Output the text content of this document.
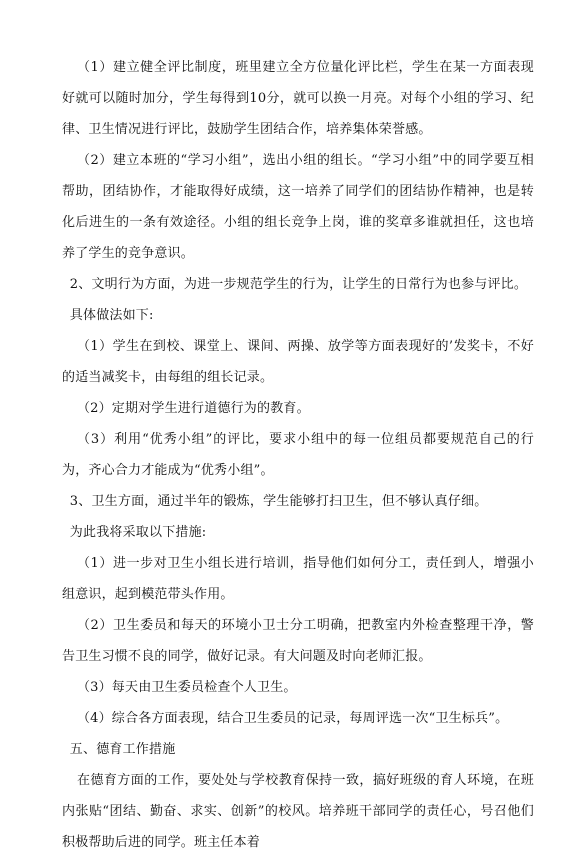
（1）建立健全评比制度，班里建立全方位量化评比栏，学生在某一方面表现好就可以随时加分，学生每得到10分，就可以换一月亮。对每个小组的学习、纪律、卫生情况进行评比，鼓励学生团结合作，培养集体荣誉感。

（2）建立本班的“学习小组”，选出小组的组长。“学习小组”中的同学要互相帮助，团结协作，才能取得好成绩，这一培养了同学们的团结协作精神，也是转化后进生的一条有效途径。小组的组长竞争上岗，谁的奖章多谁就担任，这也培养了学生的竞争意识。

2、文明行为方面，为进一步规范学生的行为，让学生的日常行为也参与评比。

具体做法如下:

（1）学生在到校、课堂上、课间、两操、放学等方面表现好的’发奖卡，不好的适当减奖卡，由每组的组长记录。

（2）定期对学生进行道德行为的教育。

（3）利用“优秀小组”的评比，要求小组中的每一位组员都要规范自己的行为，齐心合力才能成为“优秀小组”。

3、卫生方面，通过半年的锻炼，学生能够打扫卫生，但不够认真仔细。

为此我将采取以下措施:

（1）进一步对卫生小组长进行培训，指导他们如何分工，责任到人，增强小组意识，起到模范带头作用。

（2）卫生委员和每天的环境小卫士分工明确，把教室内外检查整理干净，警告卫生习惯不良的同学，做好记录。有大问题及时向老师汇报。

（3）每天由卫生委员检查个人卫生。

（4）综合各方面表现，结合卫生委员的记录，每周评选一次“卫生标兵”。

五、德育工作措施

在德育方面的工作，要处处与学校教育保持一致，搞好班级的育人环境，在班内张贴“团结、勤奋、求实、创新”的校风。培养班干部同学的责任心，号召他们积极帮助后进的同学。班主任本着
